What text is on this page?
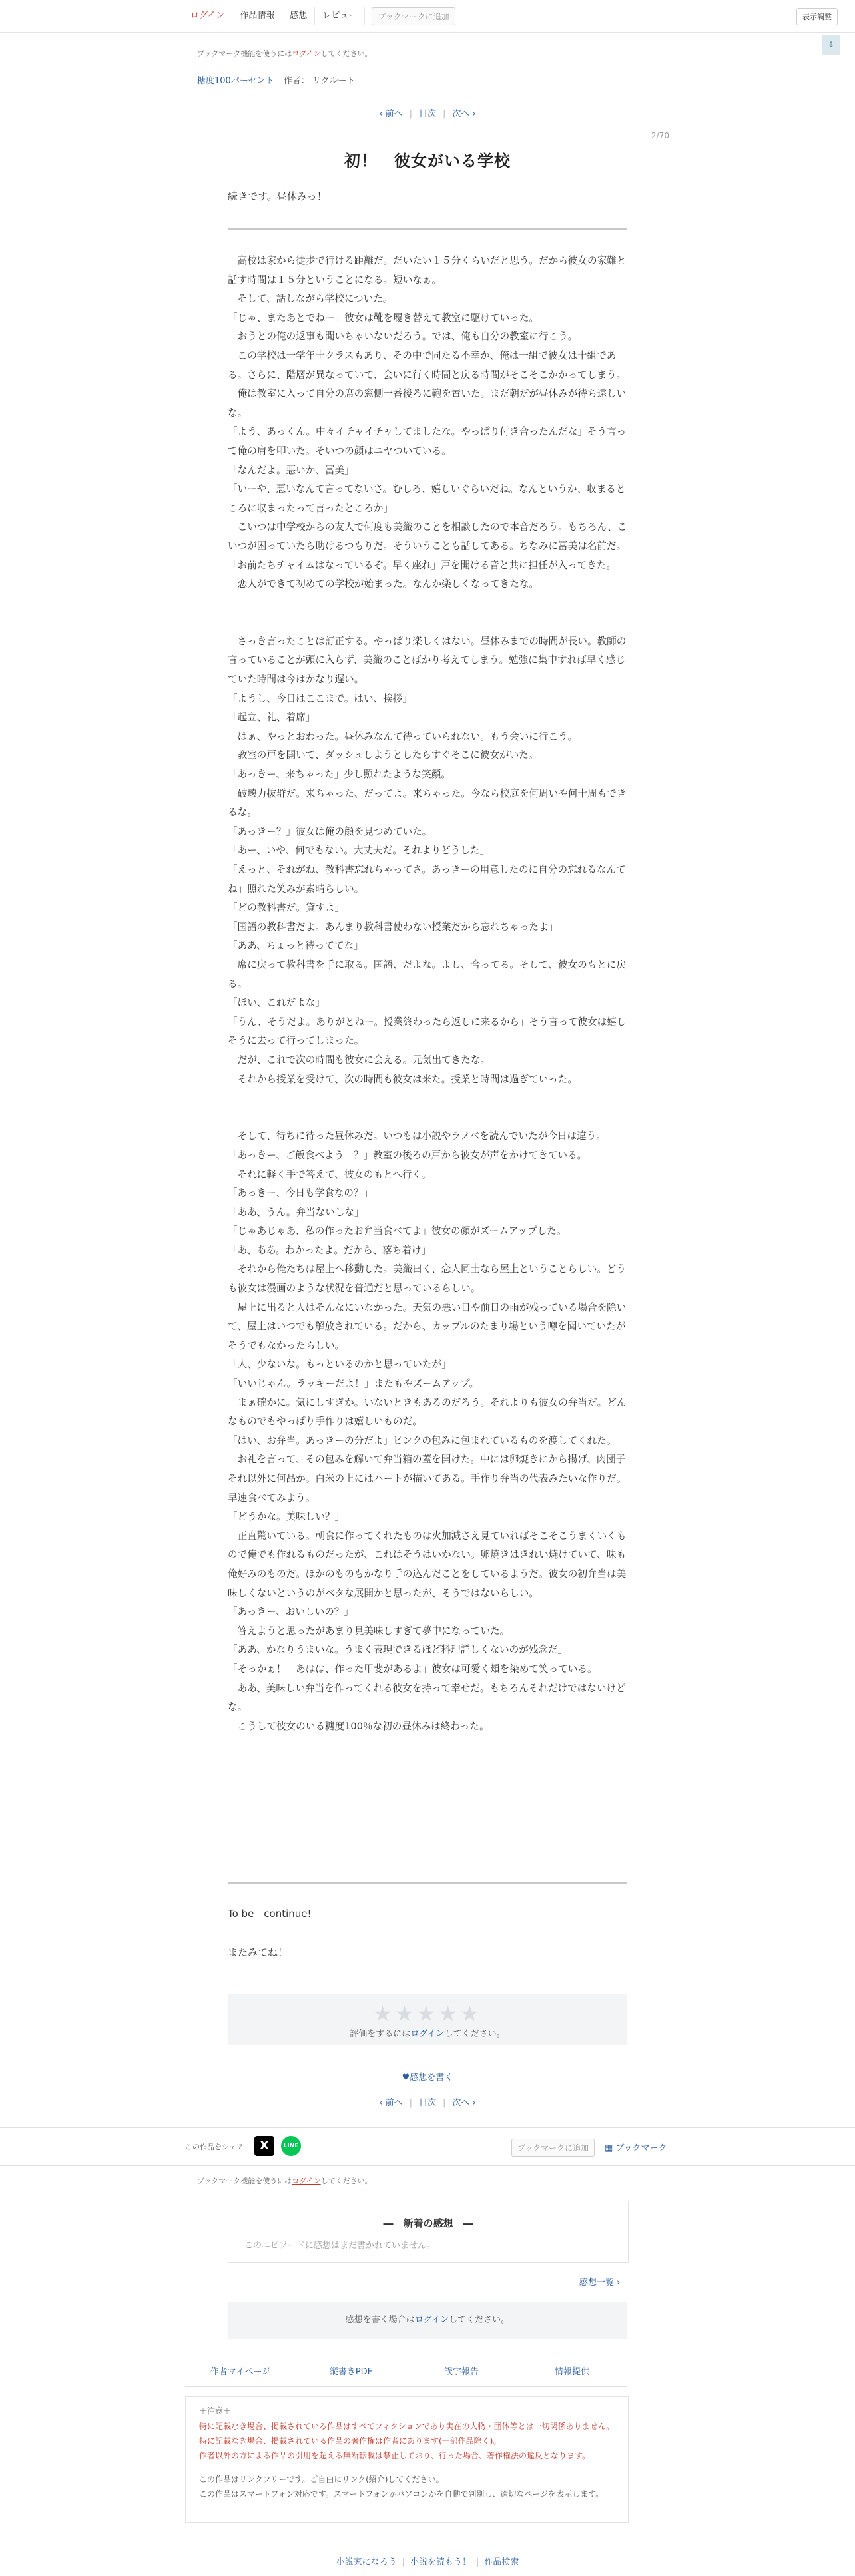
ログイン	作品情報	感想	レビュー	ブックマークに追加	表示調整
↕
ブックマーク機能を使うにはログインしてください。
糖度100パーセント 作者： リクルート
‹ 前へ | 目次 | 次へ ›
2/70
初！　彼女がいる学校
続きです。昼休みっ！
　高校は家から徒歩で行ける距離だ。だいたい１５分くらいだと思う。だから彼女の家難と話す時間は１５分というこ​とになる。短いなぁ。
　そして、話しながら学校についた。
「じゃ、またあとでねー」彼女は靴を履き替えて教室に駆けていった。
　おうとの俺の返事も聞いちゃいないだろう。では、俺も自分の教室に行こう。
　この学校は一学年十クラスもあり、その中で同たる不幸か、俺は一組で彼女は十組である。さらに、階層が異なっていて、会いに行く時間と戻る時間がそこそこかかってしまう。
　俺は教室に入って自分の席の窓側一番後ろに鞄を置いた。まだ朝だが昼休みが待ち遠しいな。
「よう、あっくん。中々イチャイチャしてましたな。やっぱり付き合ったんだな」そう言って俺の肩を叩いた。そいつの顔はニヤついている。
「なんだよ。悪いか、冨美」
「いーや、悪いなんて言ってないさ。むしろ、嬉しいぐらいだね。なんというか、収まるところに収まったって言ったところか」
　こいつは中学校からの友人で何度も美織のことを相談したので本音だろう。もちろん、こいつが困っていたら助けるつもりだ。そういうことも話してある。ちなみに冨美は名前だ。
「お前たちチャイムはなっているぞ。早く座れ」戸を開ける音と共に担任が入ってきた。
　恋人ができて初めての学校が始まった。なんか楽しくなってきたな。

　さっき言ったことは訂正する。やっぱり楽しくはない。昼休みまでの時間が長い。教師の言っていることが頭に入らず、美織のことばかり考えてしまう。勉強に集中すれば早く感じていた時間は今はかなり遅い。
「ようし、今日はここまで。はい、挨拶」
「起立、礼、着席」
　はぁ、やっとおわった。昼休みなんて待っていられない。もう会いに行こう。
　教室の戸を開いて、ダッシュしようとしたらすぐそこに彼女がいた。
「あっきー、来ちゃった」少し照れたような笑顔。
　破壊力抜群だ。来ちゃった、だってよ。来ちゃった。今なら校庭を何周いや何十周もできるな。
「あっきー？」彼女は俺の顔を見つめていた。
「あー、いや、何でもない。大丈夫だ。それよりどうした」
「えっと、それがね、教科書忘れちゃってさ。あっきーの用意したのに自分の忘れるなんてね」照れた笑みが素晴らしい。
「どの教科書だ。貸すよ」
「国語の教科書だよ。あんまり教科書使わない授業だから忘れちゃったよ」
「ああ、ちょっと待っててな」
　席に戻って教科書を手に取る。国語、だよな。よし、合ってる。そして、彼女のもとに戻る。
「ほい、これだよな」
「うん、そうだよ。ありがとねー。授業終わったら返しに来るから」そう言って彼女は嬉しそうに去って行ってしまった。
　だが、これで次の時間も彼女に会える。元気出てきたな。
　それから授業を受けて、次の時間も彼女は来た。授業と時間は過ぎていった。

　そして、待ちに待った昼休みだ。いつもは小説やラノベを読んでいたが今日は違う。
「あっきー、ご飯食べよう一？」教室の後ろの戸から彼女が声をかけてきている。
　それに軽く手で答えて、彼女のもとへ行く。
「あっきー、今日も学食なの？」
「ああ、うん。弁当ないしな」
「じゃあじゃあ、私の作ったお弁当食べてよ」彼女の顔がズームアップした。
「あ、ああ。わかったよ。だから、落ち着け」
　それから俺たちは屋上へ移動した。美織曰く、恋人同士なら屋上ということらしい。どうも彼女は漫画のような状況を普通だと思っているらしい。
　屋上に出ると人はそんなにいなかった。天気の悪い日や前日の雨が残っている場合を除いて、屋上はいつでも解放されている。だから、カップルのたまり場という噂を聞いていたがそうでもなかったらしい。
「人、少ないな。もっといるのかと思っていたが」
「いいじゃん。ラッキーだよ！」またもやズームアップ。
　まぁ確かに。気にしすぎか。いないときもあるのだろう。それよりも彼女の弁当だ。どんなものでもやっぱり手作りは嬉しいものだ。
「はい、お弁当。あっきーの分だよ」ピンクの包みに包まれているものを渡してくれた。
　お礼を言って、その包みを解いて弁当箱の蓋を開けた。中には卵焼きにから揚げ、肉団子それ以外に何品か。白米の上にはハートが描いてある。手作り弁当の代表みたいな作りだ。早速食べてみよう。
「どうかな。美味しい？」
　正直驚いている。朝食に作ってくれたものは火加減さえ見ていればそこそこうまくいくもので俺でも作れるものだったが、これはそうはいかない。卵焼きはきれい焼けていて、味も俺好みのものだ。ほかのものもかなり手の込んだことをしているようだ。彼女の初弁当は美味しくないというのがベタな展開かと思ったが、そうではないらしい。
「あっきー、おいしいの？」
　答えようと思ったがあまり見美味しすぎて夢中になっていた。
「ああ、かなりうまいな。うまく表現できるほど料理詳しくないのが残念だ」
「そっかぁ！　あはは、作った甲斐があるよ」彼女は可愛く頬を染めて笑っている。
　ああ、美味しい弁当を作ってくれる彼女を持って幸せだ。もちろんそれだけではないけどな。
　こうして彼女のいる糖度100％な初の昼休みは終わった。
To be　continue!
またみてね！
★★★★★
評価をするにはログインしてください。
♥感想を書く
‹ 前へ | 目次 | 次へ ›
この作品をシェア	X	LINE	ブックマークに追加	▦ ブックマーク
ブックマーク機能を使うにはログインしてください。
―　新着の感想　―
このエピソードに感想はまだ書かれていません。
感想一覧 ›
感想を書く場合はログインしてください。
作者マイページ	縦書きPDF	誤字報告	情報提供
＋注意＋
特に記載なき場合、掲載されている作品はすべてフィクションであり実在の人物・団体等とは一切関係ありません。
特に記載なき場合、掲載されている作品の著作権は作者にあります(一部作品除く)。
作者以外の方による作品の引用を超える無断転載は禁止しており、行った場合、著作権法の違反となります。
この作品はリンクフリーです。ご自由にリンク(紹介)してください。
この作品はスマートフォン対応です。スマートフォンかパソコンかを自動で判別し、適切なページを表示します。
小説家になろう | 小説を読もう！ | 作品検索
